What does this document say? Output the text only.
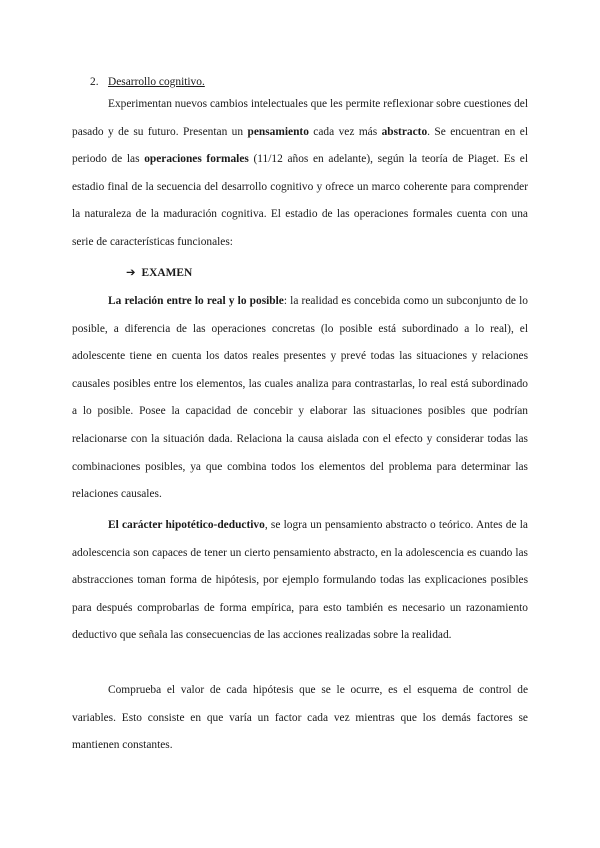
2. Desarrollo cognitivo.

Experimentan nuevos cambios intelectuales que les permite reflexionar sobre cuestiones del pasado y de su futuro. Presentan un pensamiento cada vez más abstracto. Se encuentran en el periodo de las operaciones formales (11/12 años en adelante), según la teoría de Piaget. Es el estadio final de la secuencia del desarrollo cognitivo y ofrece un marco coherente para comprender la naturaleza de la maduración cognitiva. El estadio de las operaciones formales cuenta con una serie de características funcionales:

➔ EXAMEN

La relación entre lo real y lo posible: la realidad es concebida como un subconjunto de lo posible, a diferencia de las operaciones concretas (lo posible está subordinado a lo real), el adolescente tiene en cuenta los datos reales presentes y prevé todas las situaciones y relaciones causales posibles entre los elementos, las cuales analiza para contrastarlas, lo real está subordinado a lo posible. Posee la capacidad de concebir y elaborar las situaciones posibles que podrían relacionarse con la situación dada. Relaciona la causa aislada con el efecto y considerar todas las combinaciones posibles, ya que combina todos los elementos del problema para determinar las relaciones causales.

El carácter hipotético-deductivo, se logra un pensamiento abstracto o teórico. Antes de la adolescencia son capaces de tener un cierto pensamiento abstracto, en la adolescencia es cuando las abstracciones toman forma de hipótesis, por ejemplo formulando todas las explicaciones posibles para después comprobarlas de forma empírica, para esto también es necesario un razonamiento deductivo que señala las consecuencias de las acciones realizadas sobre la realidad.

Comprueba el valor de cada hipótesis que se le ocurre, es el esquema de control de variables. Esto consiste en que varía un factor cada vez mientras que los demás factores se mantienen constantes.
